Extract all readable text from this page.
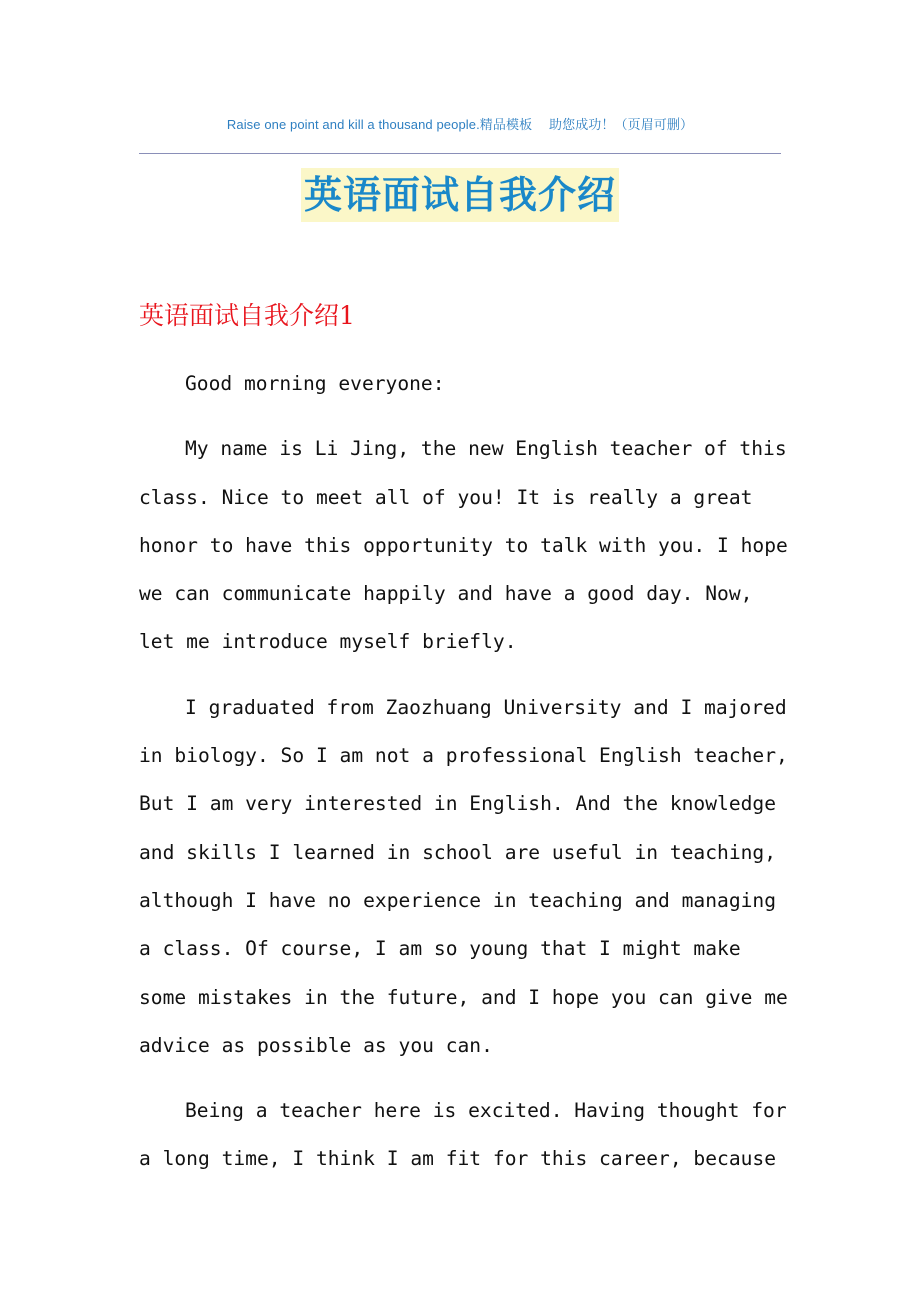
Raise one point and kill a thousand people.精品模板　 助您成功！（页眉可删）
英语面试自我介绍
英语面试自我介绍1
Good morning everyone:
My name is Li Jing, the new English teacher of this
class. Nice to meet all of you! It is really a great
honor to have this opportunity to talk with you. I hope
we can communicate happily and have a good day. Now,
let me introduce myself briefly.
I graduated from Zaozhuang University and I majored
in biology. So I am not a professional English teacher,
But I am very interested in English. And the knowledge
and skills I learned in school are useful in teaching,
although I have no experience in teaching and managing
a class. Of course, I am so young that I might make
some mistakes in the future, and I hope you can give me
advice as possible as you can.
Being a teacher here is excited. Having thought for
a long time, I think I am fit for this career, because
